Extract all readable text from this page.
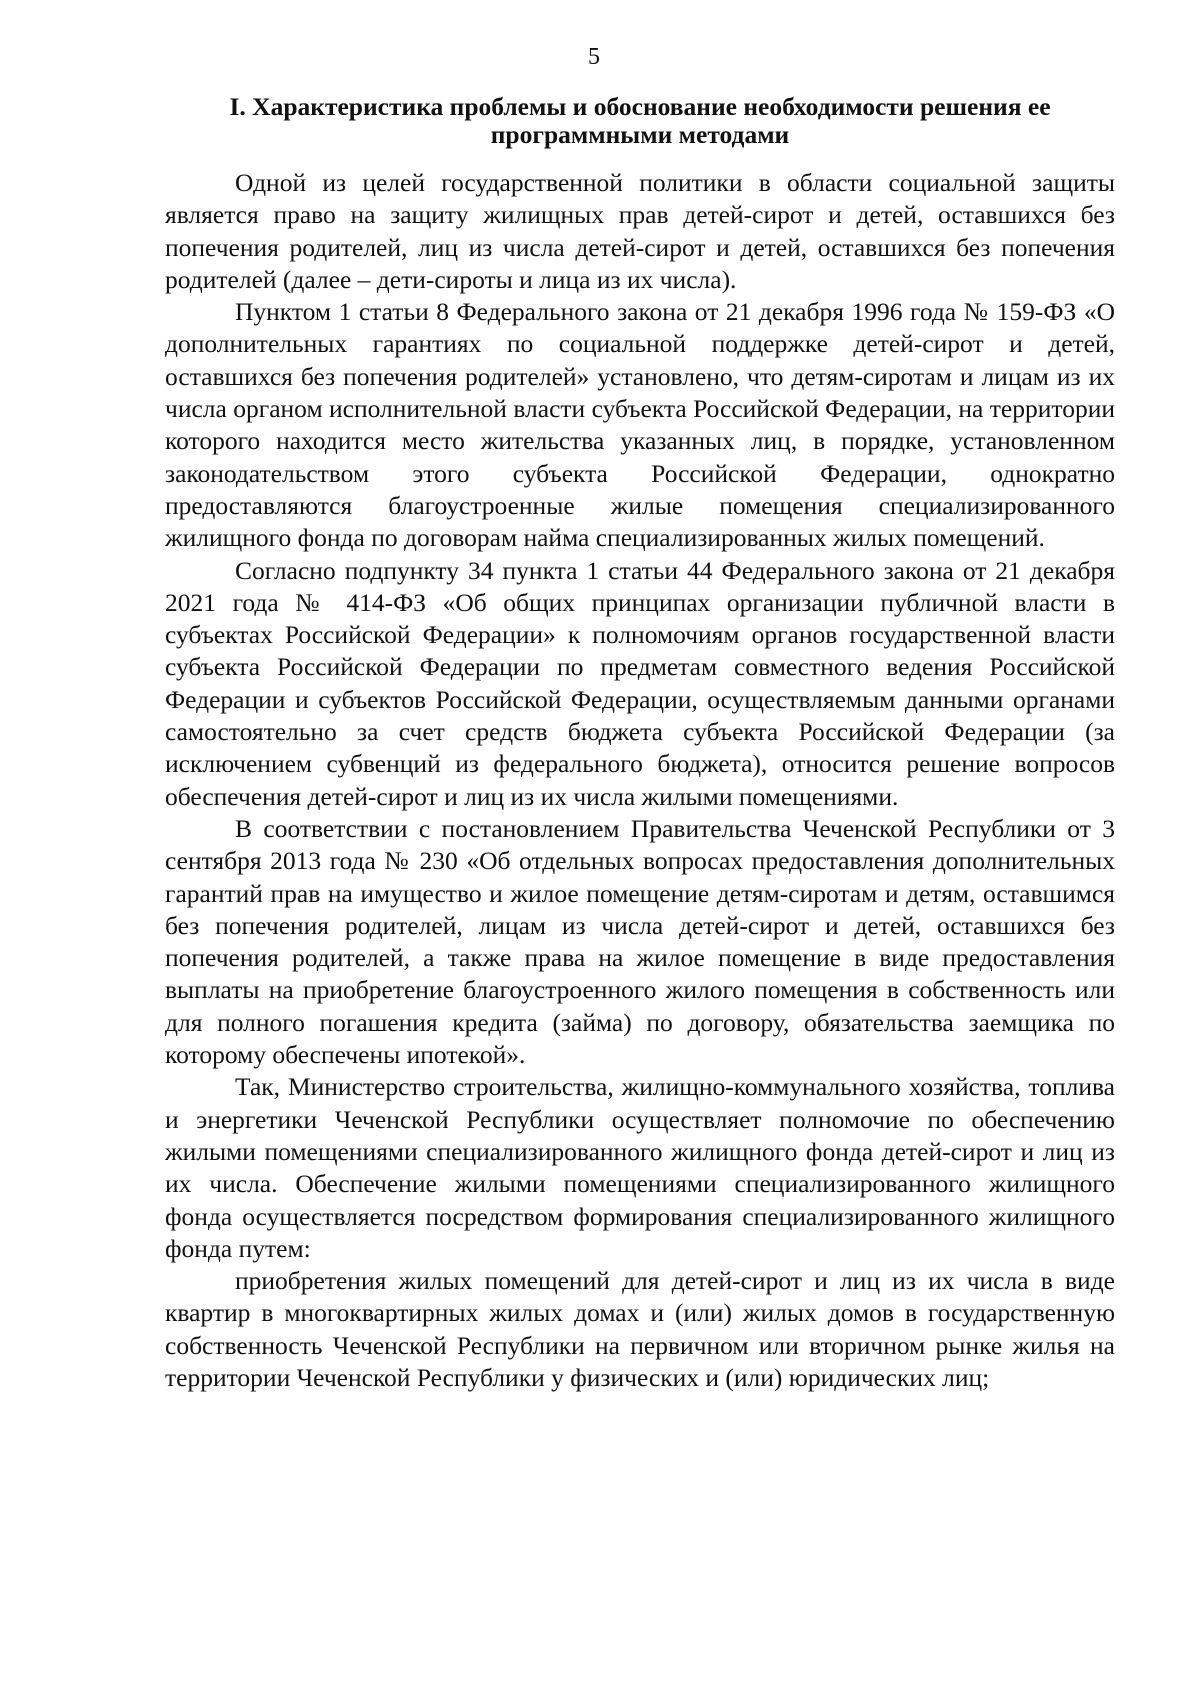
5
I. Характеристика проблемы и обоснование необходимости решения ее
программными методами

Одной из целей государственной политики в области социальной защиты является право на защиту жилищных прав детей-сирот и детей, оставшихся без попечения родителей, лиц из числа детей-сирот и детей, оставшихся без попечения родителей (далее – дети-сироты и лица из их числа).

Пунктом 1 статьи 8 Федерального закона от 21 декабря 1996 года № 159-ФЗ «О дополнительных гарантиях по социальной поддержке детей-сирот и детей, оставшихся без попечения родителей» установлено, что детям-сиротам и лицам из их числа органом исполнительной власти субъекта Российской Федерации, на территории которого находится место жительства указанных лиц, в порядке, установленном законодательством этого субъекта Российской Федерации, однократно предоставляются благоустроенные жилые помещения специализированного жилищного фонда по договорам найма специализированных жилых помещений.

Согласно подпункту 34 пункта 1 статьи 44 Федерального закона от 21 декабря 2021 года № 414-ФЗ «Об общих принципах организации публичной власти в субъектах Российской Федерации» к полномочиям органов государственной власти субъекта Российской Федерации по предметам совместного ведения Российской Федерации и субъектов Российской Федерации, осуществляемым данными органами самостоятельно за счет средств бюджета субъекта Российской Федерации (за исключением субвенций из федерального бюджета), относится решение вопросов обеспечения детей-сирот и лиц из их числа жилыми помещениями.

В соответствии с постановлением Правительства Чеченской Республики от 3 сентября 2013 года № 230 «Об отдельных вопросах предоставления дополнительных гарантий прав на имущество и жилое помещение детям-сиротам и детям, оставшимся без попечения родителей, лицам из числа детей-сирот и детей, оставшихся без попечения родителей, а также права на жилое помещение в виде предоставления выплаты на приобретение благоустроенного жилого помещения в собственность или для полного погашения кредита (займа) по договору, обязательства заемщика по которому обеспечены ипотекой».

Так, Министерство строительства, жилищно-коммунального хозяйства, топлива и энергетики Чеченской Республики осуществляет полномочие по обеспечению жилыми помещениями специализированного жилищного фонда детей-сирот и лиц из их числа. Обеспечение жилыми помещениями специализированного жилищного фонда осуществляется посредством формирования специализированного жилищного фонда путем:

приобретения жилых помещений для детей-сирот и лиц из их числа в виде квартир в многоквартирных жилых домах и (или) жилых домов в государственную собственность Чеченской Республики на первичном или вторичном рынке жилья на территории Чеченской Республики у физических и (или) юридических лиц;
